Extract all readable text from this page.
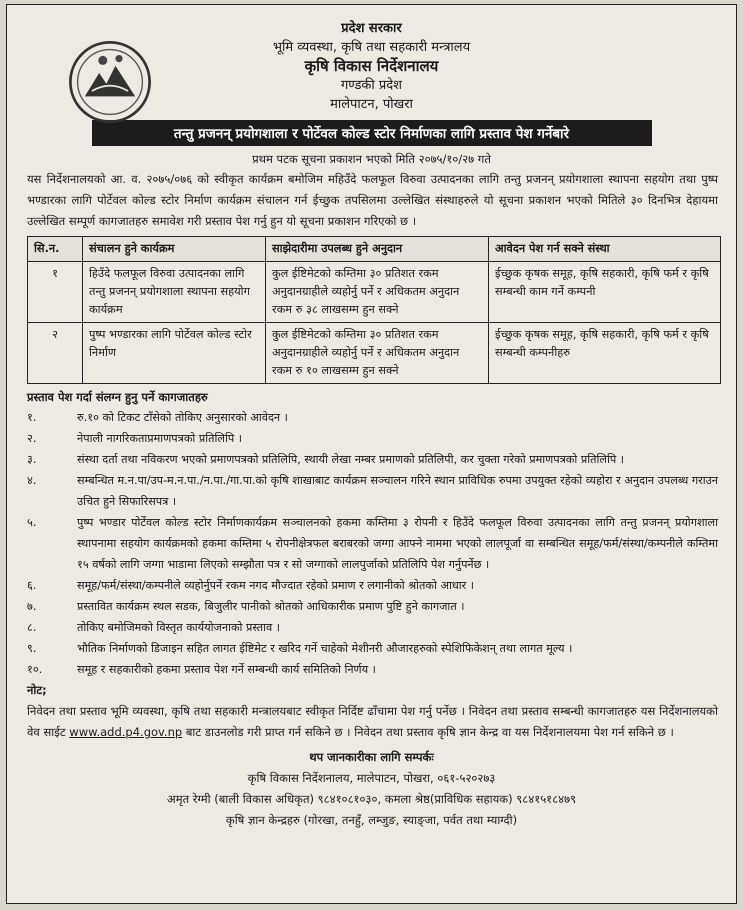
प्रदेश सरकार
भूमि व्यवस्था, कृषि तथा सहकारी मन्त्रालय
कृषि विकास निर्देशनालय
गण्डकी प्रदेश
मालेपाटन, पोखरा
तन्तु प्रजनन् प्रयोगशाला र पोर्टेवल कोल्ड स्टोर निर्माणका लागि प्रस्ताव पेश गर्नेबारे
प्रथम पटक सूचना प्रकाशन भएको मिति २०७५/१०/२७ गते
यस निर्देशनालयको आ. व. २०७५/०७६ को स्वीकृत कार्यक्रम बमोजिम महिउँदे फलफूल विरुवा उत्पादनका लागि तन्तु प्रजनन् प्रयोगशाला स्थापना सहयोग तथा पुष्प भण्डारका लागि पोर्टेवल कोल्ड स्टोर निर्माण कार्यक्रम संचालन गर्न ईच्छुक तपसिलमा उल्लेखित संस्थाहरुले यो सूचना प्रकाशन भएको मितिले ३० दिनभित्र देहायमा उल्लेखित सम्पूर्ण कागजातहरु समावेश गरी प्रस्ताव पेश गर्नु हुन यो सूचना प्रकाशन गरिएको छ ।
सि.न.	संचालन हुने कार्यक्रम	साझेदारीमा उपलब्ध हुने अनुदान	आवेदन पेश गर्न सक्ने संस्था
१	हिउँदे फलफूल विरुवा उत्पादनका लागि तन्तु प्रजनन् प्रयोगशाला स्थापना सहयोग कार्यक्रम	कुल ईष्टिमेटको कम्तिमा ३० प्रतिशत रकम अनुदानग्राहीले व्यहोर्नु पर्ने र अधिकतम अनुदान रकम रु ३८ लाखसम्म हुन सक्ने	ईच्छुक कृषक समूह, कृषि सहकारी, कृषि फर्म र कृषि सम्बन्धी काम गर्ने कम्पनी
२	पुष्प भण्डारका लागि पोर्टेवल कोल्ड स्टोर निर्माण	कुल ईष्टिमेटको कम्तिमा ३० प्रतिशत रकम अनुदानग्राहीले व्यहोर्नु पर्ने र अधिकतम अनुदान रकम रु १० लाखसम्म हुन सक्ने	ईच्छुक कृषक समूह, कृषि सहकारी, कृषि फर्म र कृषि सम्बन्धी कम्पनीहरु
प्रस्ताव पेश गर्दा संलग्न हुनु पर्ने कागजातहरु
१.	रु.१० को टिकट टाँसेको तोकिए अनुसारको आवेदन ।
२.	नेपाली नागरिकताप्रमाणपत्रको प्रतिलिपि ।
३.	संस्था दर्ता तथा नविकरण भएको प्रमाणपत्रको प्रतिलिपि, स्थायी लेखा नम्बर प्रमाणको प्रतिलिपी, कर चुक्ता गरेको प्रमाणपत्रको प्रतिलिपि ।
४.	सम्बन्धित म.न.पा/उप-म.न.पा./न.पा./गा.पा.को कृषि शाखाबाट कार्यक्रम सञ्चालन गरिने स्थान प्राविधिक रुपमा उपयुक्त रहेको व्यहोरा र अनुदान उपलब्ध गराउन उचित हुने सिफारिसपत्र ।
५.	पुष्प भण्डार पोर्टेवल कोल्ड स्टोर निर्माणकार्यक्रम सञ्चालनको हकमा कम्तिमा ३ रोपनी र हिउँदे फलफूल विरुवा उत्पादनका लागि तन्तु प्रजनन् प्रयोगशाला स्थापनामा सहयोग कार्यक्रमको हकमा कम्तिमा ५ रोपनीक्षेत्रफल बराबरको जग्गा आफ्ने नाममा भएको लालपूर्जा वा सम्बन्धित समूह/फर्म/संस्था/कम्पनीले कम्तिमा १५ वर्षको लागि जग्गा भाडामा लिएको सम्झौता पत्र र सो जग्गाको लालपुर्जाको प्रतिलिपि पेश गर्नुपर्नेछ ।
६.	समूह/फर्म/संस्था/कम्पनीले व्यहोर्नुपर्ने रकम नगद मौज्दात रहेको प्रमाण र लगानीको श्रोतको आधार ।
७.	प्रस्तावित कार्यक्रम स्थल सडक, बिजुलीर पानीको श्रोतको आधिकारीक प्रमाण पुष्टि हुने कागजात ।
८.	तोकिए बमोजिमको विस्तृत कार्ययोजनाको प्रस्ताव ।
९.	भौतिक निर्माणको डिजाइन सहित लागत ईष्टिमेट र खरिद गर्ने चाहेको मेशीनरी औजारहरुको स्पेशिफिकेशन् तथा लागत मूल्य ।
१०.	समूह र सहकारीको हकमा प्रस्ताव पेश गर्ने सम्बन्धी कार्य समितिको निर्णय ।
नोट;
निवेदन तथा प्रस्ताव भूमि व्यवस्था, कृषि तथा सहकारी मन्त्रालयबाट स्वीकृत निर्दिष्ट ढाँचामा पेश गर्नु पर्नेछ । निवेदन तथा प्रस्ताव सम्बन्धी कागजातहरु यस निर्देशनालयको वेव साईट www.add.p4.gov.np बाट डाउनलोड गरी प्राप्त गर्न सकिने छ । निवेदन तथा प्रस्ताव कृषि ज्ञान केन्द्र वा यस निर्देशनालयमा पेश गर्न सकिने छ ।
थप जानकारीका लागि सम्पर्कः
कृषि विकास निर्देशनालय, मालेपाटन, पोखरा, ०६१-५२०२७३
अमृत रेग्मी (बाली विकास अधिकृत) ९८४१०८१०३०, कमला श्रेष्ठ(प्राविधिक सहायक) ९८४१५१८४७९
कृषि ज्ञान केन्द्रहरु (गोरखा, तनहुँ, लम्जुङ, स्याङ्जा, पर्वत तथा म्याग्दी)
